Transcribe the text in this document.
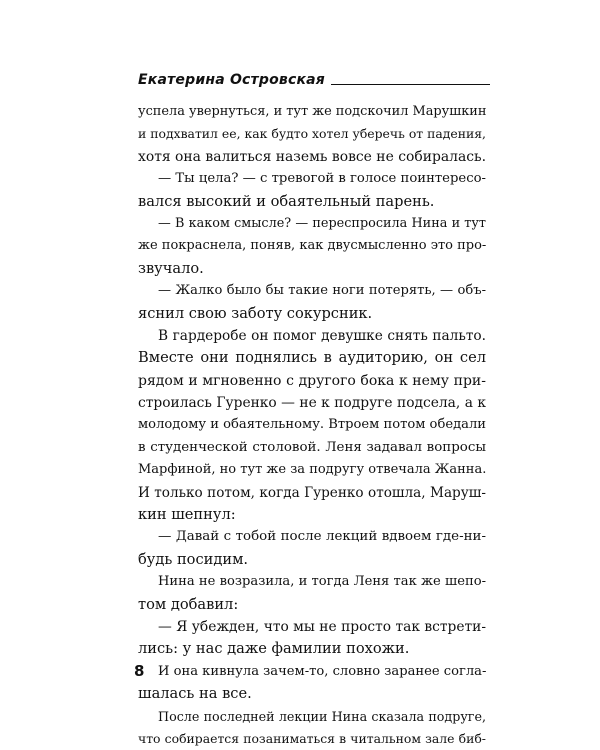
Екатерина Островская
успела увернуться, и тут же подскочил Марушкин
и подхватил ее, как будто хотел уберечь от падения,
хотя она валиться наземь вовсе не собиралась.
— Ты цела? — с тревогой в голосе поинтересо-
вался высокий и обаятельный парень.
— В каком смысле? — переспросила Нина и тут
же покраснела, поняв, как двусмысленно это про-
звучало.
— Жалко было бы такие ноги потерять, — объ-
яснил свою заботу сокурсник.
В гардеробе он помог девушке снять пальто.
Вместе они поднялись в аудиторию, он сел
рядом и мгновенно с другого бока к нему при-
строилась Гуренко — не к подруге подсела, а к
молодому и обаятельному. Втроем потом обедали
в студенческой столовой. Леня задавал вопросы
Марфиной, но тут же за подругу отвечала Жанна.
И только потом, когда Гуренко отошла, Маруш-
кин шепнул:
— Давай с тобой после лекций вдвоем где-ни-
будь посидим.
Нина не возразила, и тогда Леня так же шепо-
том добавил:
— Я убежден, что мы не просто так встрети-
лись: у нас даже фамилии похожи.
И она кивнула зачем-то, словно заранее согла-
шалась на все.
После последней лекции Нина сказала подруге,
что собирается позаниматься в читальном зале биб-
8
